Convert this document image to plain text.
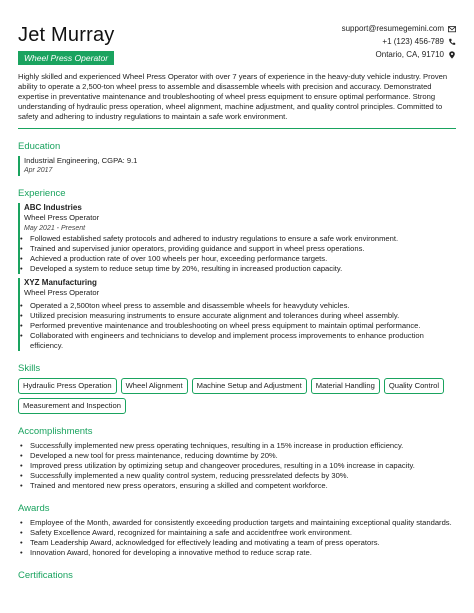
Jet Murray
Wheel Press Operator
support@resumegemini.com
+1 (123) 456-789
Ontario, CA, 91710
Highly skilled and experienced Wheel Press Operator with over 7 years of experience in the heavy-duty vehicle industry. Proven ability to operate a 2,500-ton wheel press to assemble and disassemble wheels with precision and accuracy. Demonstrated expertise in preventative maintenance and troubleshooting of wheel press equipment to ensure optimal performance. Strong understanding of hydraulic press operation, wheel alignment, machine adjustment, and quality control principles. Committed to safety and adhering to industry regulations to maintain a safe work environment.
Education
Industrial Engineering, CGPA: 9.1
Apr 2017
Experience
ABC Industries
Wheel Press Operator
May 2021 - Present
• Followed established safety protocols and adhered to industry regulations to ensure a safe work environment.
• Trained and supervised junior operators, providing guidance and support in wheel press operations.
• Achieved a production rate of over 100 wheels per hour, exceeding performance targets.
• Developed a system to reduce setup time by 20%, resulting in increased production capacity.
XYZ Manufacturing
Wheel Press Operator
• Operated a 2,500ton wheel press to assemble and disassemble wheels for heavyduty vehicles.
• Utilized precision measuring instruments to ensure accurate alignment and tolerances during wheel assembly.
• Performed preventive maintenance and troubleshooting on wheel press equipment to maintain optimal performance.
• Collaborated with engineers and technicians to develop and implement process improvements to enhance production efficiency.
Skills
Hydraulic Press Operation	Wheel Alignment	Machine Setup and Adjustment	Material Handling	Quality Control
Measurement and Inspection
Accomplishments
• Successfully implemented new press operating techniques, resulting in a 15% increase in production efficiency.
• Developed a new tool for press maintenance, reducing downtime by 20%.
• Improved press utilization by optimizing setup and changeover procedures, resulting in a 10% increase in capacity.
• Successfully implemented a new quality control system, reducing pressrelated defects by 30%.
• Trained and mentored new press operators, ensuring a skilled and competent workforce.
Awards
• Employee of the Month, awarded for consistently exceeding production targets and maintaining exceptional quality standards.
• Safety Excellence Award, recognized for maintaining a safe and accidentfree work environment.
• Team Leadership Award, acknowledged for effectively leading and motivating a team of press operators.
• Innovation Award, honored for developing a innovative method to reduce scrap rate.
Certifications
